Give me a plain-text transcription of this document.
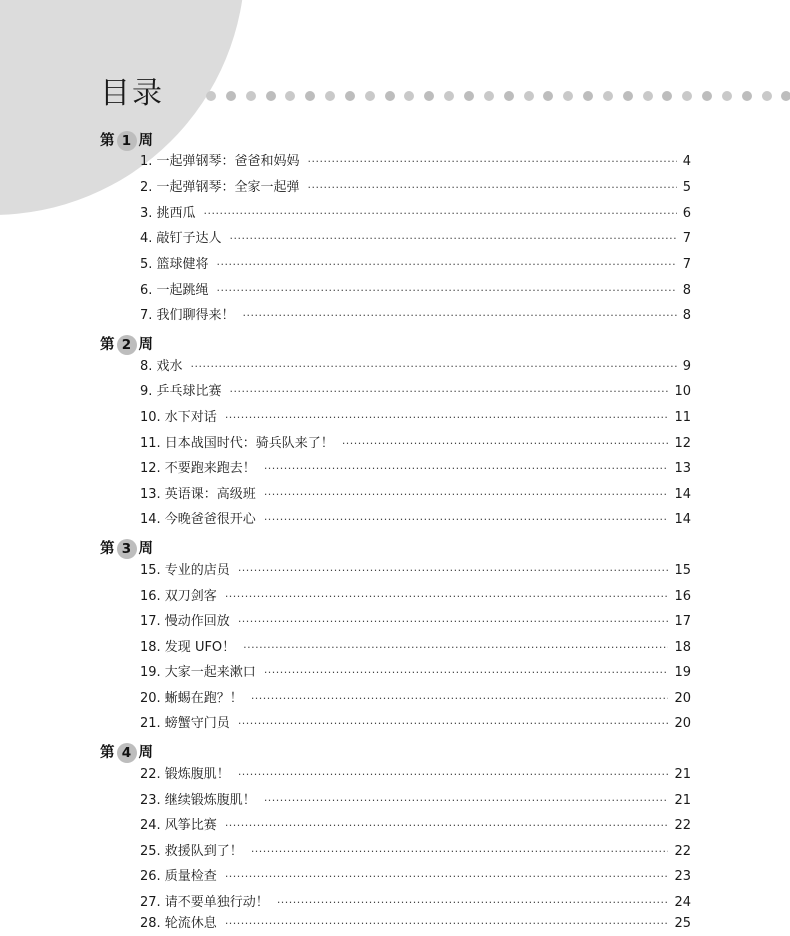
目录

第 1 周
1. 一起弹钢琴：爸爸和妈妈 ·····	4
2. 一起弹钢琴：全家一起弹 ·····	5
3. 挑西瓜 ·····	6
4. 敲钉子达人 ·····	7
5. 篮球健将 ·····	7
6. 一起跳绳 ·····	8
7. 我们聊得来！ ·····	8
第 2 周
8. 戏水 ·····	9
9. 乒乓球比赛 ·····	10
10. 水下对话 ·····	11
11. 日本战国时代：骑兵队来了！ ·····	12
12. 不要跑来跑去！ ·····	13
13. 英语课：高级班 ·····	14
14. 今晚爸爸很开心 ·····	14
第 3 周
15. 专业的店员 ·····	15
16. 双刀剑客 ·····	16
17. 慢动作回放 ·····	17
18. 发现 UFO！ ·····	18
19. 大家一起来漱口 ·····	19
20. 蜥蜴在跑？！ ·····	20
21. 螃蟹守门员 ·····	20
第 4 周
22. 锻炼腹肌！ ·····	21
23. 继续锻炼腹肌！ ·····	21
24. 风筝比赛 ·····	22
25. 救援队到了！ ·····	22
26. 质量检查 ·····	23
27. 请不要单独行动！ ·····	24
28. 轮流休息 ·····	25
